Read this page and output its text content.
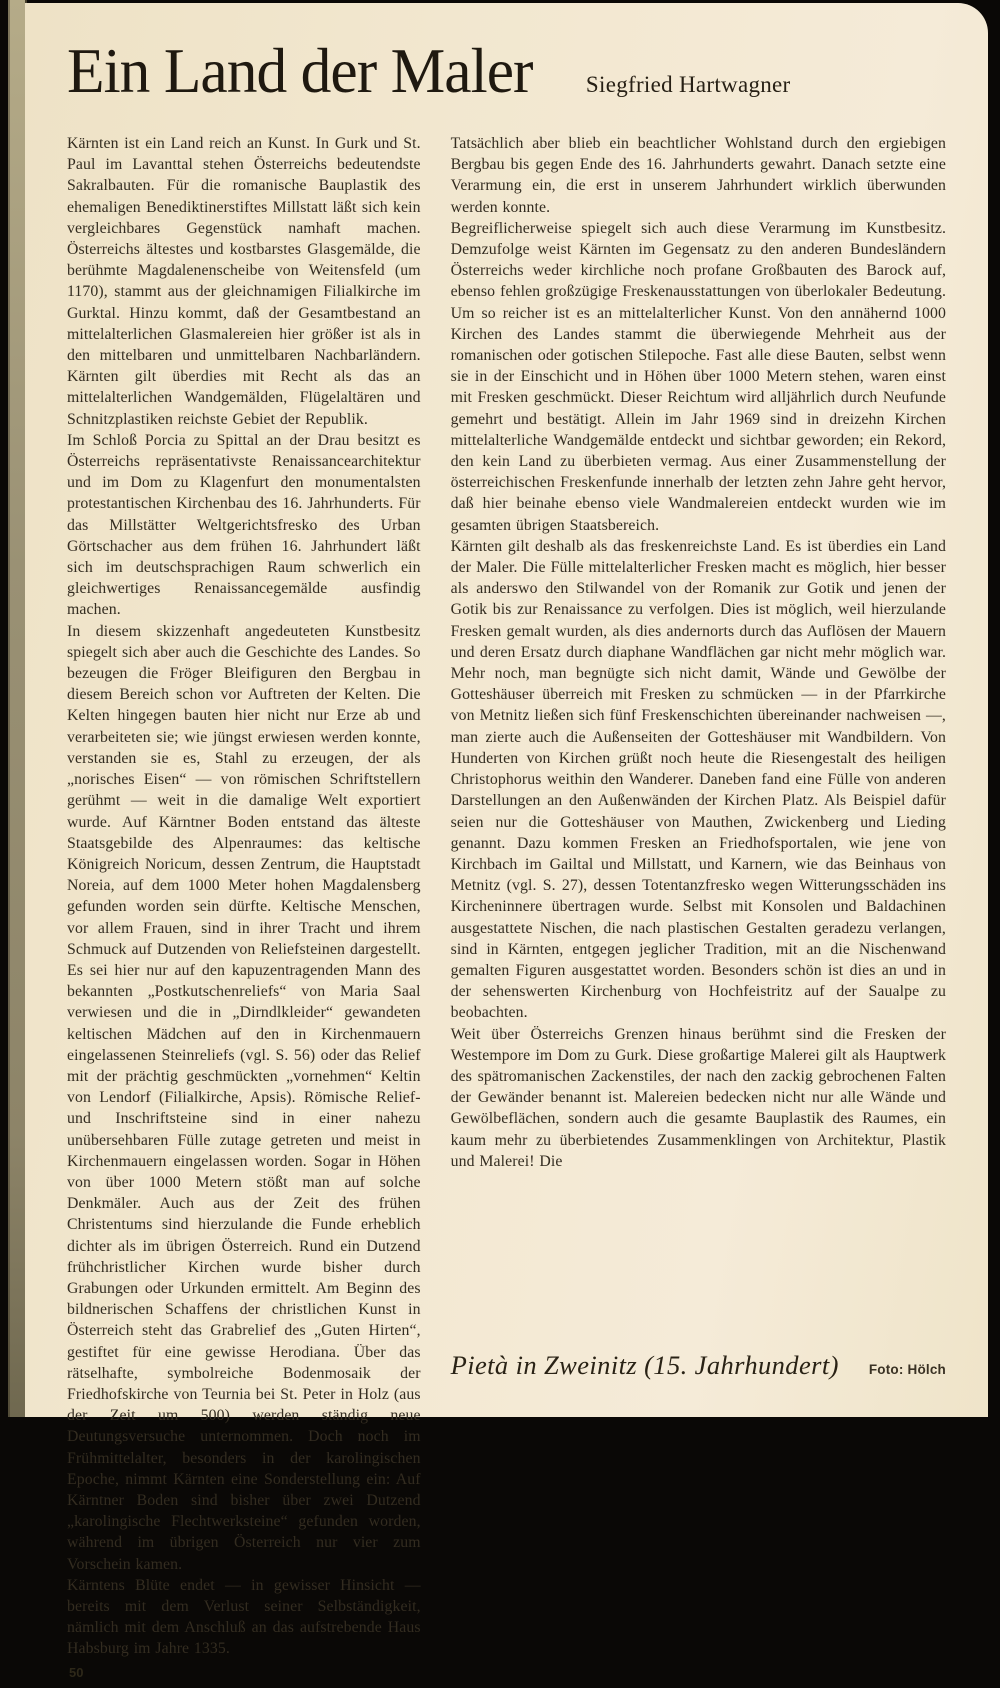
Ein Land der Maler Siegfried Hartwagner

Kärnten ist ein Land reich an Kunst. In Gurk und St. Paul im Lavanttal stehen Österreichs bedeutendste Sakralbauten. Für die romanische Bauplastik des ehemaligen Benediktinerstiftes Millstatt läßt sich kein vergleichbares Gegenstück namhaft machen. Österreichs ältestes und kostbarstes Glasgemälde, die berühmte Magdalenenscheibe von Weitensfeld (um 1170), stammt aus der gleichnamigen Filialkirche im Gurktal. Hinzu kommt, daß der Gesamtbestand an mittelalterlichen Glasmalereien hier größer ist als in den mittelbaren und unmittelbaren Nachbarländern. Kärnten gilt überdies mit Recht als das an mittelalterlichen Wandgemälden, Flügelaltären und Schnitzplastiken reichste Gebiet der Republik.

Im Schloß Porcia zu Spittal an der Drau besitzt es Österreichs repräsentativste Renaissancearchitektur und im Dom zu Klagenfurt den monumentalsten protestantischen Kirchenbau des 16. Jahrhunderts. Für das Millstätter Weltgerichtsfresko des Urban Görtschacher aus dem frühen 16. Jahrhundert läßt sich im deutschsprachigen Raum schwerlich ein gleichwertiges Renaissancegemälde ausfindig machen.

In diesem skizzenhaft angedeuteten Kunstbesitz spiegelt sich aber auch die Geschichte des Landes. So bezeugen die Fröger Bleifiguren den Bergbau in diesem Bereich schon vor Auftreten der Kelten. Die Kelten hingegen bauten hier nicht nur Erze ab und verarbeiteten sie; wie jüngst erwiesen werden konnte, verstanden sie es, Stahl zu erzeugen, der als „norisches Eisen“ — von römischen Schriftstellern gerühmt — weit in die damalige Welt exportiert wurde. Auf Kärntner Boden entstand das älteste Staatsgebilde des Alpenraumes: das keltische Königreich Noricum, dessen Zentrum, die Hauptstadt Noreia, auf dem 1000 Meter hohen Magdalensberg gefunden worden sein dürfte. Keltische Menschen, vor allem Frauen, sind in ihrer Tracht und ihrem Schmuck auf Dutzenden von Reliefsteinen dargestellt. Es sei hier nur auf den kapuzentragenden Mann des bekannten „Postkutschenreliefs“ von Maria Saal verwiesen und die in „Dirndlkleider“ gewandeten keltischen Mädchen auf den in Kirchenmauern eingelassenen Steinreliefs (vgl. S. 56) oder das Relief mit der prächtig geschmückten „vornehmen“ Keltin von Lendorf (Filialkirche, Apsis). Römische Relief- und Inschriftsteine sind in einer nahezu unübersehbaren Fülle zutage getreten und meist in Kirchenmauern eingelassen worden. Sogar in Höhen von über 1000 Metern stößt man auf solche Denkmäler. Auch aus der Zeit des frühen Christentums sind hierzulande die Funde erheblich dichter als im übrigen Österreich. Rund ein Dutzend frühchristlicher Kirchen wurde bisher durch Grabungen oder Urkunden ermittelt. Am Beginn des bildnerischen Schaffens der christlichen Kunst in Österreich steht das Grabrelief des „Guten Hirten“, gestiftet für eine gewisse Herodiana. Über das rätselhafte, symbolreiche Bodenmosaik der Friedhofskirche von Teurnia bei St. Peter in Holz (aus der Zeit um 500) werden ständig neue Deutungsversuche unternommen. Doch noch im Frühmittelalter, besonders in der karolingischen Epoche, nimmt Kärnten eine Sonderstellung ein: Auf Kärntner Boden sind bisher über zwei Dutzend „karolingische Flechtwerksteine“ gefunden worden, während im übrigen Österreich nur vier zum Vorschein kamen.

Kärntens Blüte endet — in gewisser Hinsicht — bereits mit dem Verlust seiner Selbständigkeit, nämlich mit dem Anschluß an das aufstrebende Haus Habsburg im Jahre 1335.

50

Tatsächlich aber blieb ein beachtlicher Wohlstand durch den ergiebigen Bergbau bis gegen Ende des 16. Jahrhunderts gewahrt. Danach setzte eine Verarmung ein, die erst in unserem Jahrhundert wirklich überwunden werden konnte.

Begreiflicherweise spiegelt sich auch diese Verarmung im Kunstbesitz. Demzufolge weist Kärnten im Gegensatz zu den anderen Bundesländern Österreichs weder kirchliche noch profane Großbauten des Barock auf, ebenso fehlen großzügige Freskenausstattungen von überlokaler Bedeutung. Um so reicher ist es an mittelalterlicher Kunst. Von den annähernd 1000 Kirchen des Landes stammt die überwiegende Mehrheit aus der romanischen oder gotischen Stilepoche. Fast alle diese Bauten, selbst wenn sie in der Einschicht und in Höhen über 1000 Metern stehen, waren einst mit Fresken geschmückt. Dieser Reichtum wird alljährlich durch Neufunde gemehrt und bestätigt. Allein im Jahr 1969 sind in dreizehn Kirchen mittelalterliche Wandgemälde entdeckt und sichtbar geworden; ein Rekord, den kein Land zu überbieten vermag. Aus einer Zusammenstellung der österreichischen Freskenfunde innerhalb der letzten zehn Jahre geht hervor, daß hier beinahe ebenso viele Wandmalereien entdeckt wurden wie im gesamten übrigen Staatsbereich.

Kärnten gilt deshalb als das freskenreichste Land. Es ist überdies ein Land der Maler. Die Fülle mittelalterlicher Fresken macht es möglich, hier besser als anderswo den Stilwandel von der Romanik zur Gotik und jenen der Gotik bis zur Renaissance zu verfolgen. Dies ist möglich, weil hierzulande Fresken gemalt wurden, als dies andernorts durch das Auflösen der Mauern und deren Ersatz durch diaphane Wandflächen gar nicht mehr möglich war. Mehr noch, man begnügte sich nicht damit, Wände und Gewölbe der Gotteshäuser überreich mit Fresken zu schmücken — in der Pfarrkirche von Metnitz ließen sich fünf Freskenschichten übereinander nachweisen —, man zierte auch die Außenseiten der Gotteshäuser mit Wandbildern. Von Hunderten von Kirchen grüßt noch heute die Riesengestalt des heiligen Christophorus weithin den Wanderer. Daneben fand eine Fülle von anderen Darstellungen an den Außenwänden der Kirchen Platz. Als Beispiel dafür seien nur die Gotteshäuser von Mauthen, Zwickenberg und Lieding genannt. Dazu kommen Fresken an Friedhofsportalen, wie jene von Kirchbach im Gailtal und Millstatt, und Karnern, wie das Beinhaus von Metnitz (vgl. S. 27), dessen Totentanzfresko wegen Witterungsschäden ins Kircheninnere übertragen wurde. Selbst mit Konsolen und Baldachinen ausgestattete Nischen, die nach plastischen Gestalten geradezu verlangen, sind in Kärnten, entgegen jeglicher Tradition, mit an die Nischenwand gemalten Figuren ausgestattet worden. Besonders schön ist dies an und in der sehenswerten Kirchenburg von Hochfeistritz auf der Saualpe zu beobachten.

Weit über Österreichs Grenzen hinaus berühmt sind die Fresken der Westempore im Dom zu Gurk. Diese großartige Malerei gilt als Hauptwerk des spätromanischen Zackenstiles, der nach den zackig gebrochenen Falten der Gewänder benannt ist. Malereien bedecken nicht nur alle Wände und Gewölbeflächen, sondern auch die gesamte Bauplastik des Raumes, ein kaum mehr zu überbietendes Zusammenklingen von Architektur, Plastik und Malerei! Die

Pietà in Zweinitz (15. Jahrhundert) Foto: Hölch
